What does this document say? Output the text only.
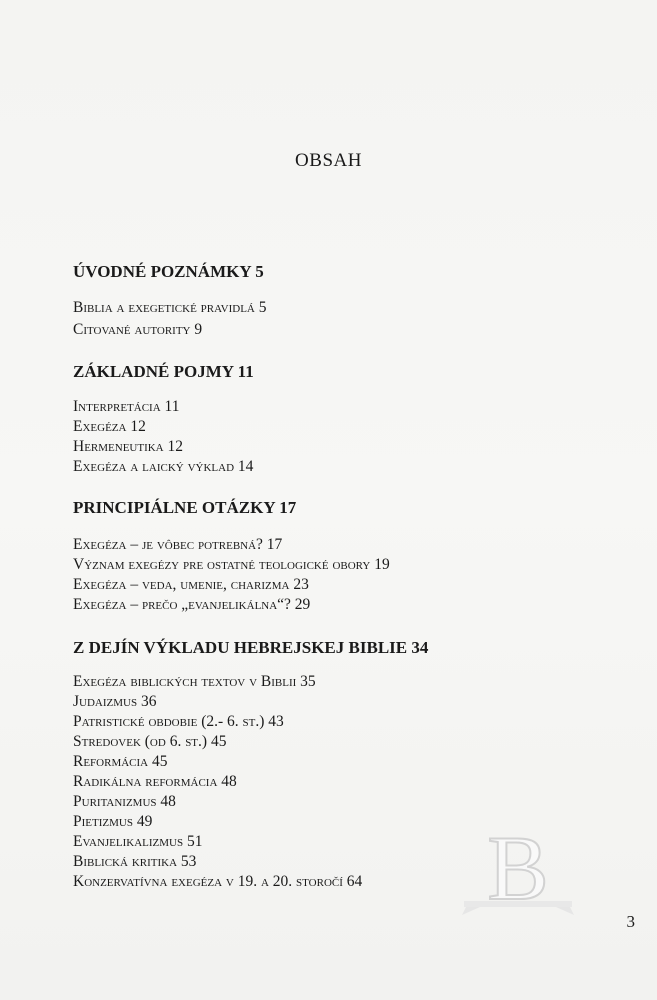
OBSAH
ÚVODNÉ POZNÁMKY 5
Biblia a exegetické pravidlá 5
Citované autority 9
ZÁKLADNÉ POJMY 11
Interpretácia 11
Exegéza 12
Hermeneutika 12
Exegéza a laický výklad 14
PRINCIPIÁLNE OTÁZKY 17
Exegéza – je vôbec potrebná? 17
Význam exegézy pre ostatné teologické obory 19
Exegéza – veda, umenie, charizma 23
Exegéza – prečo „evanjelikálna“? 29
Z DEJÍN VÝKLADU HEBREJSKEJ BIBLIE 34
Exegéza biblických textov v Biblii 35
Judaizmus 36
Patristické obdobie (2.- 6. st.) 43
Stredovek (od 6. st.) 45
Reformácia 45
Radikálna reformácia 48
Puritanizmus 48
Pietizmus 49
Evanjelikalizmus 51
Biblická kritika 53
Konzervatívna exegéza v 19. a 20. storočí 64 B
3
